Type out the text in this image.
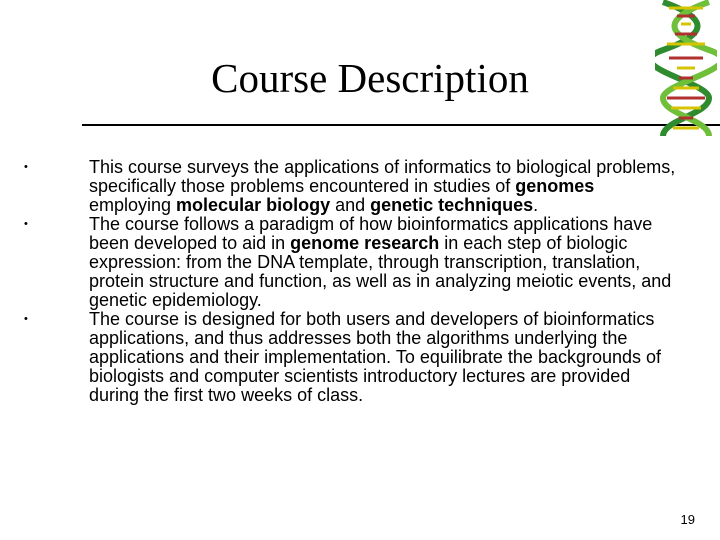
Course Description
•	This course surveys the applications of informatics to biological problems, specifically those problems encountered in studies of genomes employing molecular biology and genetic techniques.
•	The course follows a paradigm of how bioinformatics applications have been developed to aid in genome research in each step of biologic expression: from the DNA template, through transcription, translation, protein structure and function, as well as in analyzing meiotic events, and genetic epidemiology.
•	The course is designed for both users and developers of bioinformatics applications, and thus addresses both the algorithms underlying the applications and their implementation. To equilibrate the backgrounds of biologists and computer scientists introductory lectures are provided during the first two weeks of class.
19
